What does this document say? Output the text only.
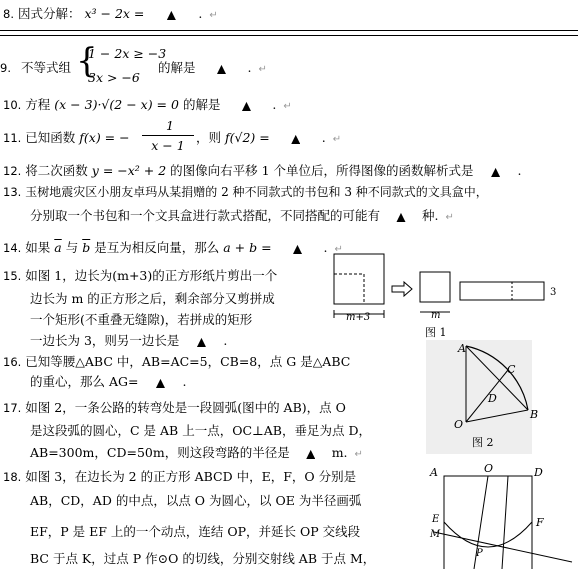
8. 因式分解： x³ − 2x = ▲ . ↵
9. 不等式组 {
1 − 2x ≥ −3
3x > −6
的解是 ▲ . ↵
10. 方程 (x − 3)·√(2 − x) = 0 的解是 ▲ . ↵
11. 已知函数 f(x) = −
1
x − 1
，则 f(√2) = ▲ . ↵
12. 将二次函数 y = −x² + 2 的图像向右平移 1 个单位后，所得图像的函数解析式是 ▲ .
13. 玉树地震灾区小朋友卓玛从某捐赠的 2 种不同款式的书包和 3 种不同款式的文具盒中，
分别取一个书包和一个文具盒进行款式搭配，不同搭配的可能有 ▲ 种. ↵
14. 如果 $\overline{a}$ 与 $\overline{b}$ 是互为相反向量，那么 a + b = ▲ . ↵
15. 如图 1，边长为(m+3)的正方形纸片剪出一个
边长为 m 的正方形之后，剩余部分又剪拼成
一个矩形(不重叠无缝隙)，若拼成的矩形
一边长为 3，则另一边长是 ▲ .
16. 已知等腰△ABC 中，AB=AC=5，CB=8，点 G 是△ABC
的重心，那么 AG= ▲ .
17. 如图 2，一条公路的转弯处是一段圆弧(图中的 AB)，点 O
是这段弧的圆心，C 是 AB 上一点，OC⊥AB，垂足为点 D，
AB=300m，CD=50m，则这段弯路的半径是 ▲ m. ↵
18. 如图 3，在边长为 2 的正方形 ABCD 中，E，F，O 分别是
AB，CD，AD 的中点，以点 O 为圆心，以 OE 为半径画弧
EF，P 是 EF 上的一个动点，连结 OP，并延长 OP 交线段
BC 于点 K，过点 P 作⊙O 的切线，分别交射线 AB 于点 M，
m+3	m
3
图 1
A
B
C
D
O
图 2
A	O	D
E
M
F
P
